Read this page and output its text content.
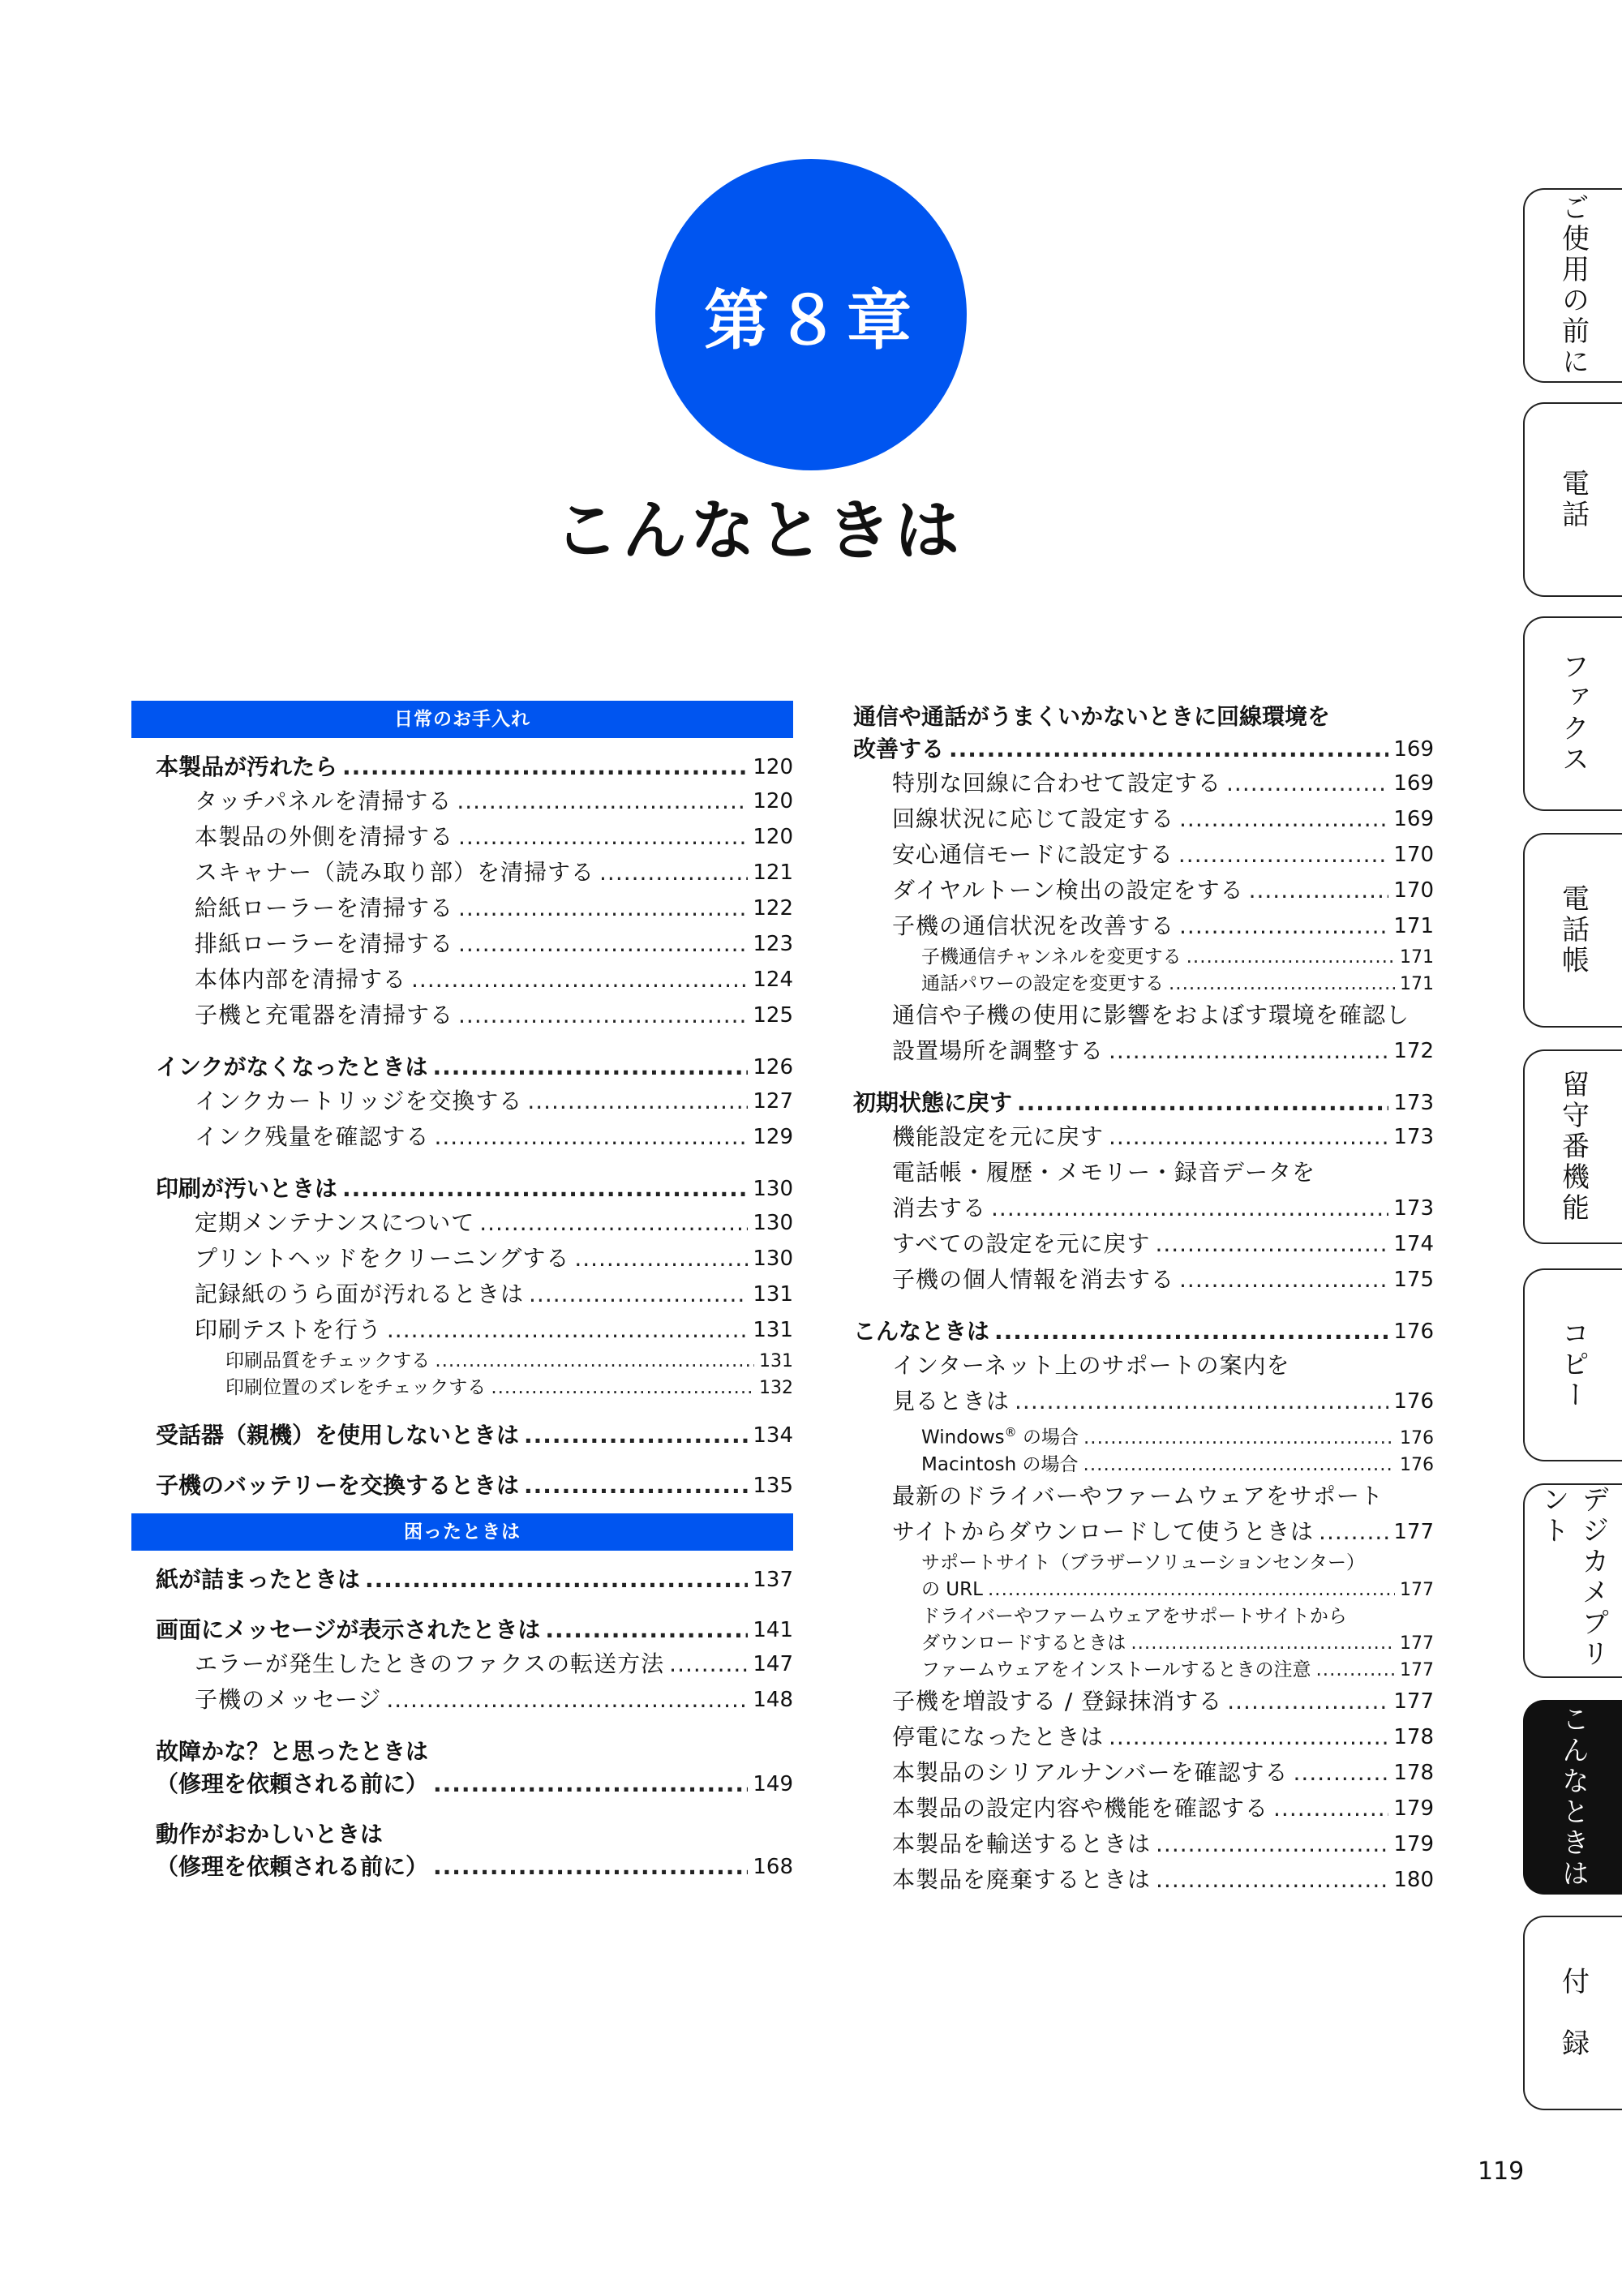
第８章
こんなときは
日常のお手入れ
本製品が汚れたら .....	120
タッチパネルを清掃する .....	120
本製品の外側を清掃する .....	120
スキャナー（読み取り部）を清掃する .....	121
給紙ローラーを清掃する .....	122
排紙ローラーを清掃する .....	123
本体内部を清掃する .....	124
子機と充電器を清掃する .....	125
インクがなくなったときは .....	126
インクカートリッジを交換する .....	127
インク残量を確認する .....	129
印刷が汚いときは .....	130
定期メンテナンスについて .....	130
プリントヘッドをクリーニングする .....	130
記録紙のうら面が汚れるときは .....	131
印刷テストを行う .....	131
印刷品質をチェックする .....	131
印刷位置のズレをチェックする .....	132
受話器（親機）を使用しないときは .....	134
子機のバッテリーを交換するときは .....	135
困ったときは
紙が詰まったときは .....	137
画面にメッセージが表示されたときは .....	141
エラーが発生したときのファクスの転送方法 .....	147
子機のメッセージ .....	148
故障かな？と思ったときは
（修理を依頼される前に） .....	149
動作がおかしいときは
（修理を依頼される前に） .....	168
通信や通話がうまくいかないときに回線環境を
改善する .....	169
特別な回線に合わせて設定する .....	169
回線状況に応じて設定する .....	169
安心通信モードに設定する .....	170
ダイヤルトーン検出の設定をする .....	170
子機の通信状況を改善する .....	171
子機通信チャンネルを変更する .....	171
通話パワーの設定を変更する .....	171
通信や子機の使用に影響をおよぼす環境を確認し
設置場所を調整する .....	172
初期状態に戻す .....	173
機能設定を元に戻す .....	173
電話帳・履歴・メモリー・録音データを
消去する .....	173
すべての設定を元に戻す .....	174
子機の個人情報を消去する .....	175
こんなときは .....	176
インターネット上のサポートの案内を
見るときは .....	176
Windows® の場合 .....	176
Macintosh の場合 .....	176
最新のドライバーやファームウェアをサポート
サイトからダウンロードして使うときは .....	177
サポートサイト（ブラザーソリューションセンター）
の URL .....	177
ドライバーやファームウェアをサポートサイトから
ダウンロードするときは .....	177
ファームウェアをインストールするときの注意 .....	177
子機を増設する / 登録抹消する .....	177
停電になったときは .....	178
本製品のシリアルナンバーを確認する .....	178
本製品の設定内容や機能を確認する .....	179
本製品を輸送するときは .....	179
本製品を廃棄するときは .....	180
ご使用の前に
電話
ファクス
電話帳
留守番機能
コピー
デジカメプリント
こんなときは
付　録
119
